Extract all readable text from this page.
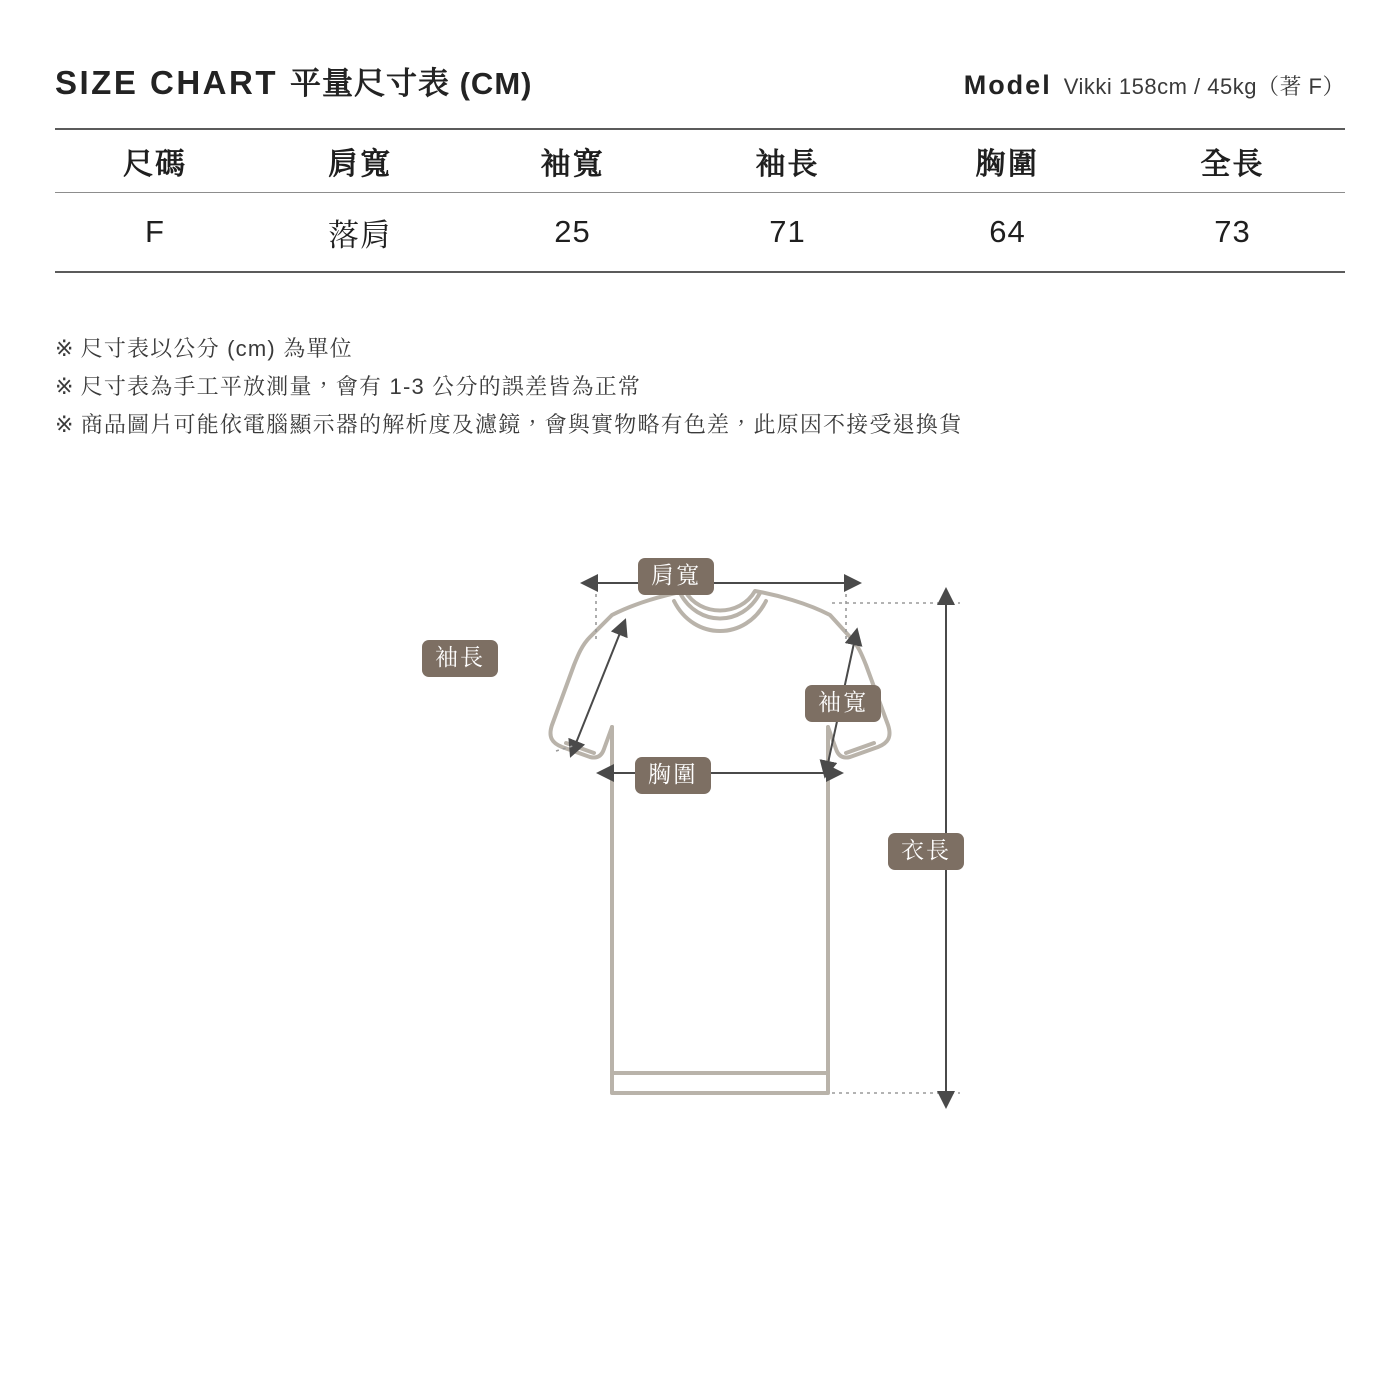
SIZE CHART 平量尺寸表 (CM)	Model Vikki 158cm / 45kg（著 F）
尺碼	肩寬	袖寬	袖長	胸圍	全長
F	落肩	25	71	64	73
※ 尺寸表以公分 (cm) 為單位
※ 尺寸表為手工平放測量，會有 1-3 公分的誤差皆為正常
※ 商品圖片可能依電腦顯示器的解析度及濾鏡，會與實物略有色差，此原因不接受退換貨
肩寬
袖長
袖寬
胸圍
衣長
